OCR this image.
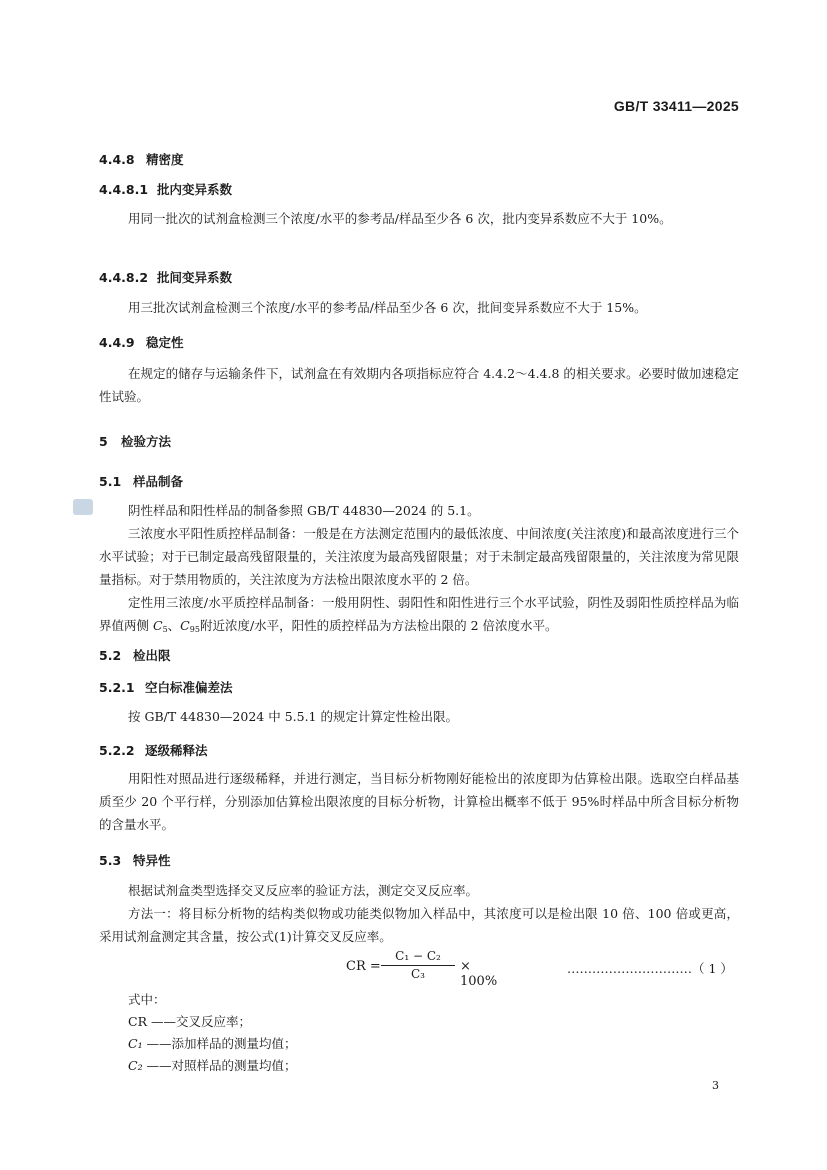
GB/T 33411—2025
4.4.8 精密度
4.4.8.1 批内变异系数
用同一批次的试剂盒检测三个浓度/水平的参考品/样品至少各 6 次，批内变异系数应不大于 10%。
4.4.8.2 批间变异系数
用三批次试剂盒检测三个浓度/水平的参考品/样品至少各 6 次，批间变异系数应不大于 15%。
4.4.9 稳定性
在规定的储存与运输条件下，试剂盒在有效期内各项指标应符合 4.4.2～4.4.8 的相关要求。必要时做加速稳定性试验。
5 检验方法
5.1 样品制备
阴性样品和阳性样品的制备参照 GB/T 44830—2024 的 5.1。
三浓度水平阳性质控样品制备：一般是在方法测定范围内的最低浓度、中间浓度(关注浓度)和最高浓度进行三个水平试验；对于已制定最高残留限量的，关注浓度为最高残留限量；对于未制定最高残留限量的，关注浓度为常见限量指标。对于禁用物质的，关注浓度为方法检出限浓度水平的 2 倍。
定性用三浓度/水平质控样品制备：一般用阴性、弱阳性和阳性进行三个水平试验，阴性及弱阳性质控样品为临界值两侧 $C_5$、$C_{95}$附近浓度/水平，阳性的质控样品为方法检出限的 2 倍浓度水平。
5.2 检出限
5.2.1 空白标准偏差法
按 GB/T 44830—2024 中 5.5.1 的规定计算定性检出限。
5.2.2 逐级稀释法
用阳性对照品进行逐级稀释，并进行测定，当目标分析物刚好能检出的浓度即为估算检出限。选取空白样品基质至少 20 个平行样，分别添加估算检出限浓度的目标分析物，计算检出概率不低于 95%时样品中所含目标分析物的含量水平。
5.3 特异性
根据试剂盒类型选择交叉反应率的验证方法，测定交叉反应率。
方法一：将目标分析物的结构类似物或功能类似物加入样品中，其浓度可以是检出限 10 倍、100 倍或更高，采用试剂盒测定其含量，按公式(1)计算交叉反应率。
CR =
C₁ − C₂
C₃	× 100%
…………………………（ 1 ）
式中：
CR ——交叉反应率；
C₁ ——添加样品的测量均值；
C₂ ——对照样品的测量均值；
3
